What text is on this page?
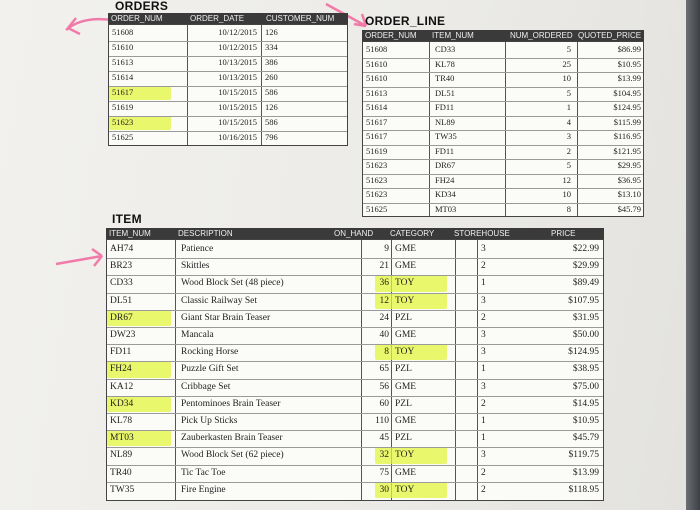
ORDERS
ORDER_NUM	ORDER_DATE	CUSTOMER_NUM
51608	10/12/2015 126
51610	10/12/2015 334
51613	10/13/2015 386
51614	10/13/2015 260
51617	10/15/2015 586
51619	10/15/2015 126
51623	10/15/2015 586
51625	10/16/2015 796
ORDER_LINE
ORDER_NUM ITEM_NUM	NUM_ORDERED QUOTED_PRICE
51608	CD33	5	$86.99
51610	KL78	25	$10.95
51610	TR40	10	$13.99
51613	DL51	5	$104.95
51614	FD11	1	$124.95
51617	NL89	4	$115.99
51617	TW35	3	$116.95
51619	FD11	2	$121.95
51623	DR67	5	$29.95
51623	FH24	12	$36.95
51623	KD34	10	$13.10
51625	MT03	8	$45.79
ITEM
ITEM_NUM	DESCRIPTION	ON_HAND CATEGORY STOREHOUSE	PRICE
AH74	Patience	9 GME	3	$22.99
BR23	Skittles	21 GME	2	$29.99
CD33	Wood Block Set (48 piece)	36 TOY	1	$89.49
DL51	Classic Railway Set	12 TOY	3	$107.95
DR67	Giant Star Brain Teaser	24 PZL	2	$31.95
DW23	Mancala	40 GME	3	$50.00
FD11	Rocking Horse	8 TOY	3	$124.95
FH24	Puzzle Gift Set	65 PZL	1	$38.95
KA12	Cribbage Set	56 GME	3	$75.00
KD34	Pentominoes Brain Teaser	60 PZL	2	$14.95
KL78	Pick Up Sticks	110 GME	1	$10.95
MT03	Zauberkasten Brain Teaser	45 PZL	1	$45.79
NL89	Wood Block Set (62 piece)	32 TOY	3	$119.75
TR40	Tic Tac Toe	75 GME	2	$13.99
TW35	Fire Engine	30 TOY	2	$118.95
